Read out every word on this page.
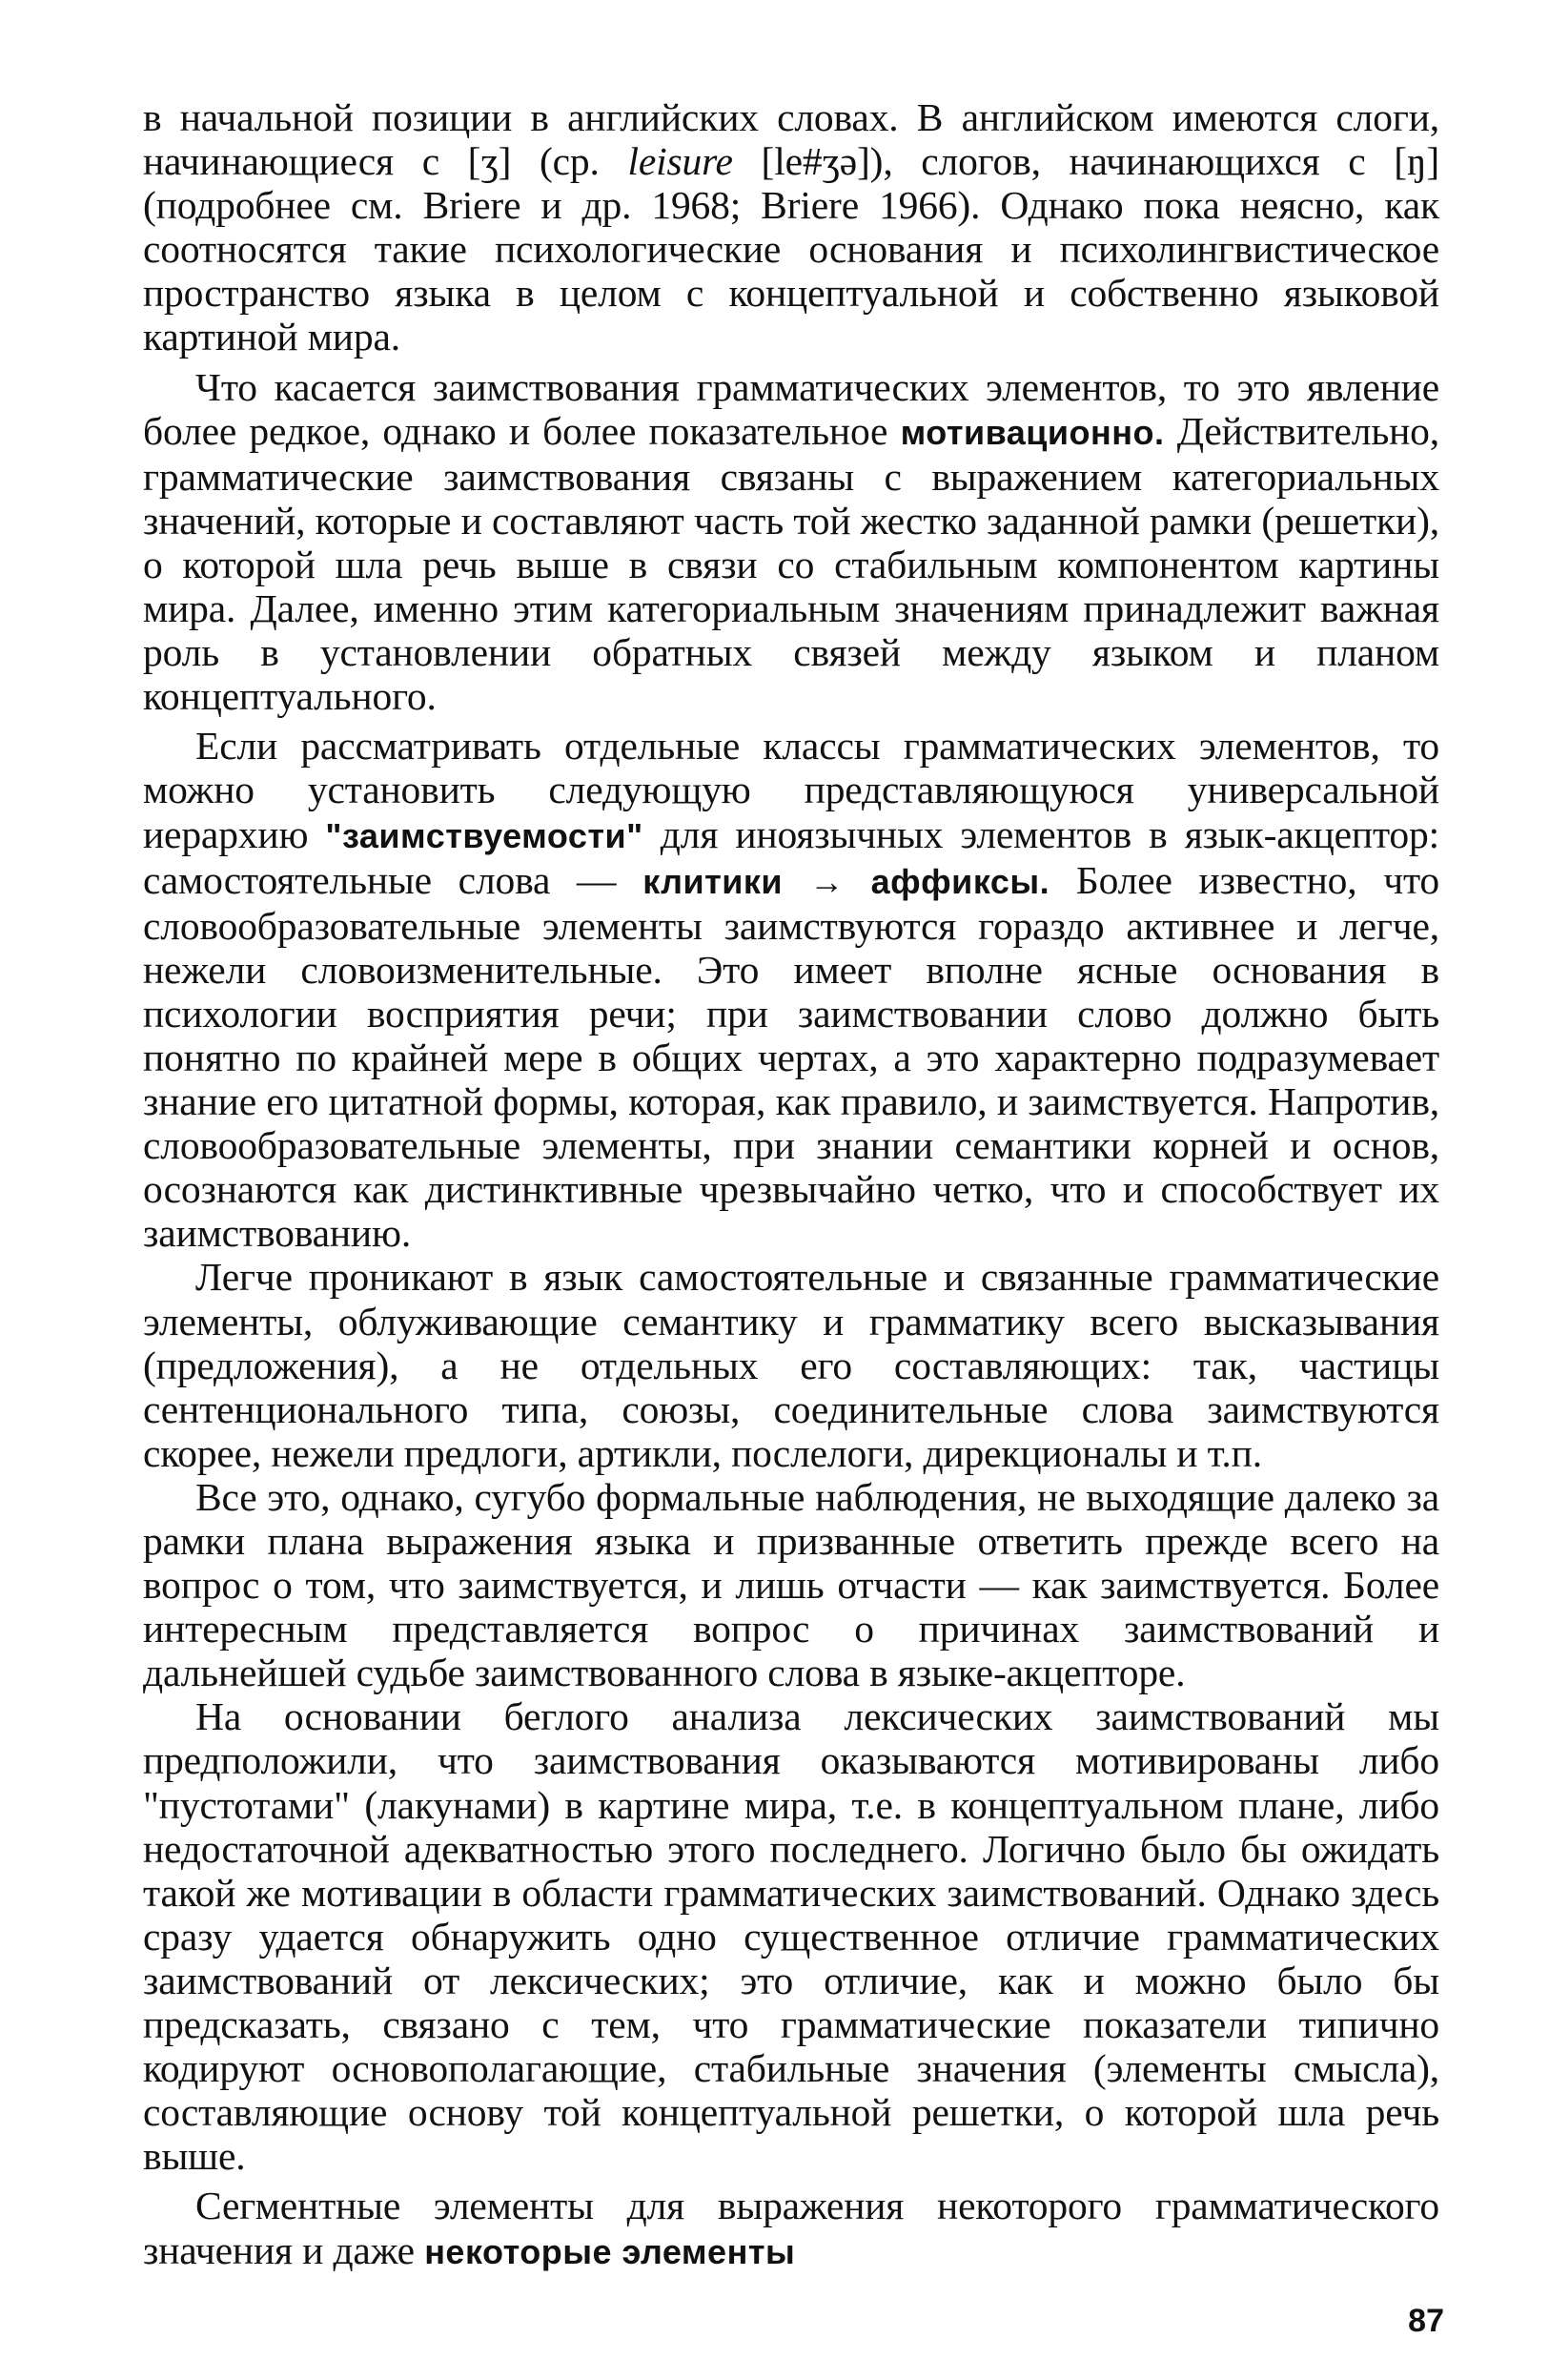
в начальной позиции в английских словах. В английском имеются слоги, начинающиеся с [ʒ] (ср. leisure [le#ʒə]), слогов, начинающихся с [ŋ] (подробнее см. Briere и др. 1968; Briere 1966). Однако пока неясно, как соотносятся такие психологические основания и психолингвистическое пространство языка в целом с концептуальной и собственно языковой картиной мира.

Что касается заимствования грамматических элементов, то это явление более редкое, однако и более показательное мотивационно. Действительно, грамматические заимствования связаны с выражением категориальных значений, которые и составляют часть той жестко заданной рамки (решетки), о которой шла речь выше в связи со стабильным компонентом картины мира. Далее, именно этим категориальным значениям принадлежит важная роль в установлении обратных связей между языком и планом концептуального.

Если рассматривать отдельные классы грамматических элементов, то можно установить следующую представляющуюся универсальной иерархию "заимствуемости" для иноязычных элементов в язык-акцептор: самостоятельные слова — клитики → аффиксы. Более известно, что словообразовательные элементы заимствуются гораздо активнее и легче, нежели словоизменительные. Это имеет вполне ясные основания в психологии восприятия речи; при заимствовании слово должно быть понятно по крайней мере в общих чертах, а это характерно подразумевает знание его цитатной формы, которая, как правило, и заимствуется. Напротив, словообразовательные элементы, при знании семантики корней и основ, осознаются как дистинктивные чрезвычайно четко, что и способствует их заимствованию.

Легче проникают в язык самостоятельные и связанные грамматические элементы, облуживающие семантику и грамматику всего высказывания (предложения), а не отдельных его составляющих: так, частицы сентенционального типа, союзы, соединительные слова заимствуются скорее, нежели предлоги, артикли, послелоги, дирекционалы и т.п.

Все это, однако, сугубо формальные наблюдения, не выходящие далеко за рамки плана выражения языка и призванные ответить прежде всего на вопрос о том, что заимствуется, и лишь отчасти — как заимствуется. Более интересным представляется вопрос о причинах заимствований и дальнейшей судьбе заимствованного слова в языке-акцепторе.

На основании беглого анализа лексических заимствований мы предположили, что заимствования оказываются мотивированы либо "пустотами" (лакунами) в картине мира, т.е. в концептуальном плане, либо недостаточной адекватностью этого последнего. Логично было бы ожидать такой же мотивации в области грамматических заимствований. Однако здесь сразу удается обнаружить одно существенное отличие грамматических заимствований от лексических; это отличие, как и можно было бы предсказать, связано с тем, что грамматические показатели типично кодируют основополагающие, стабильные значения (элементы смысла), составляющие основу той концептуальной решетки, о которой шла речь выше.

Сегментные элементы для выражения некоторого грамматического значения и даже некоторые элементы

87
